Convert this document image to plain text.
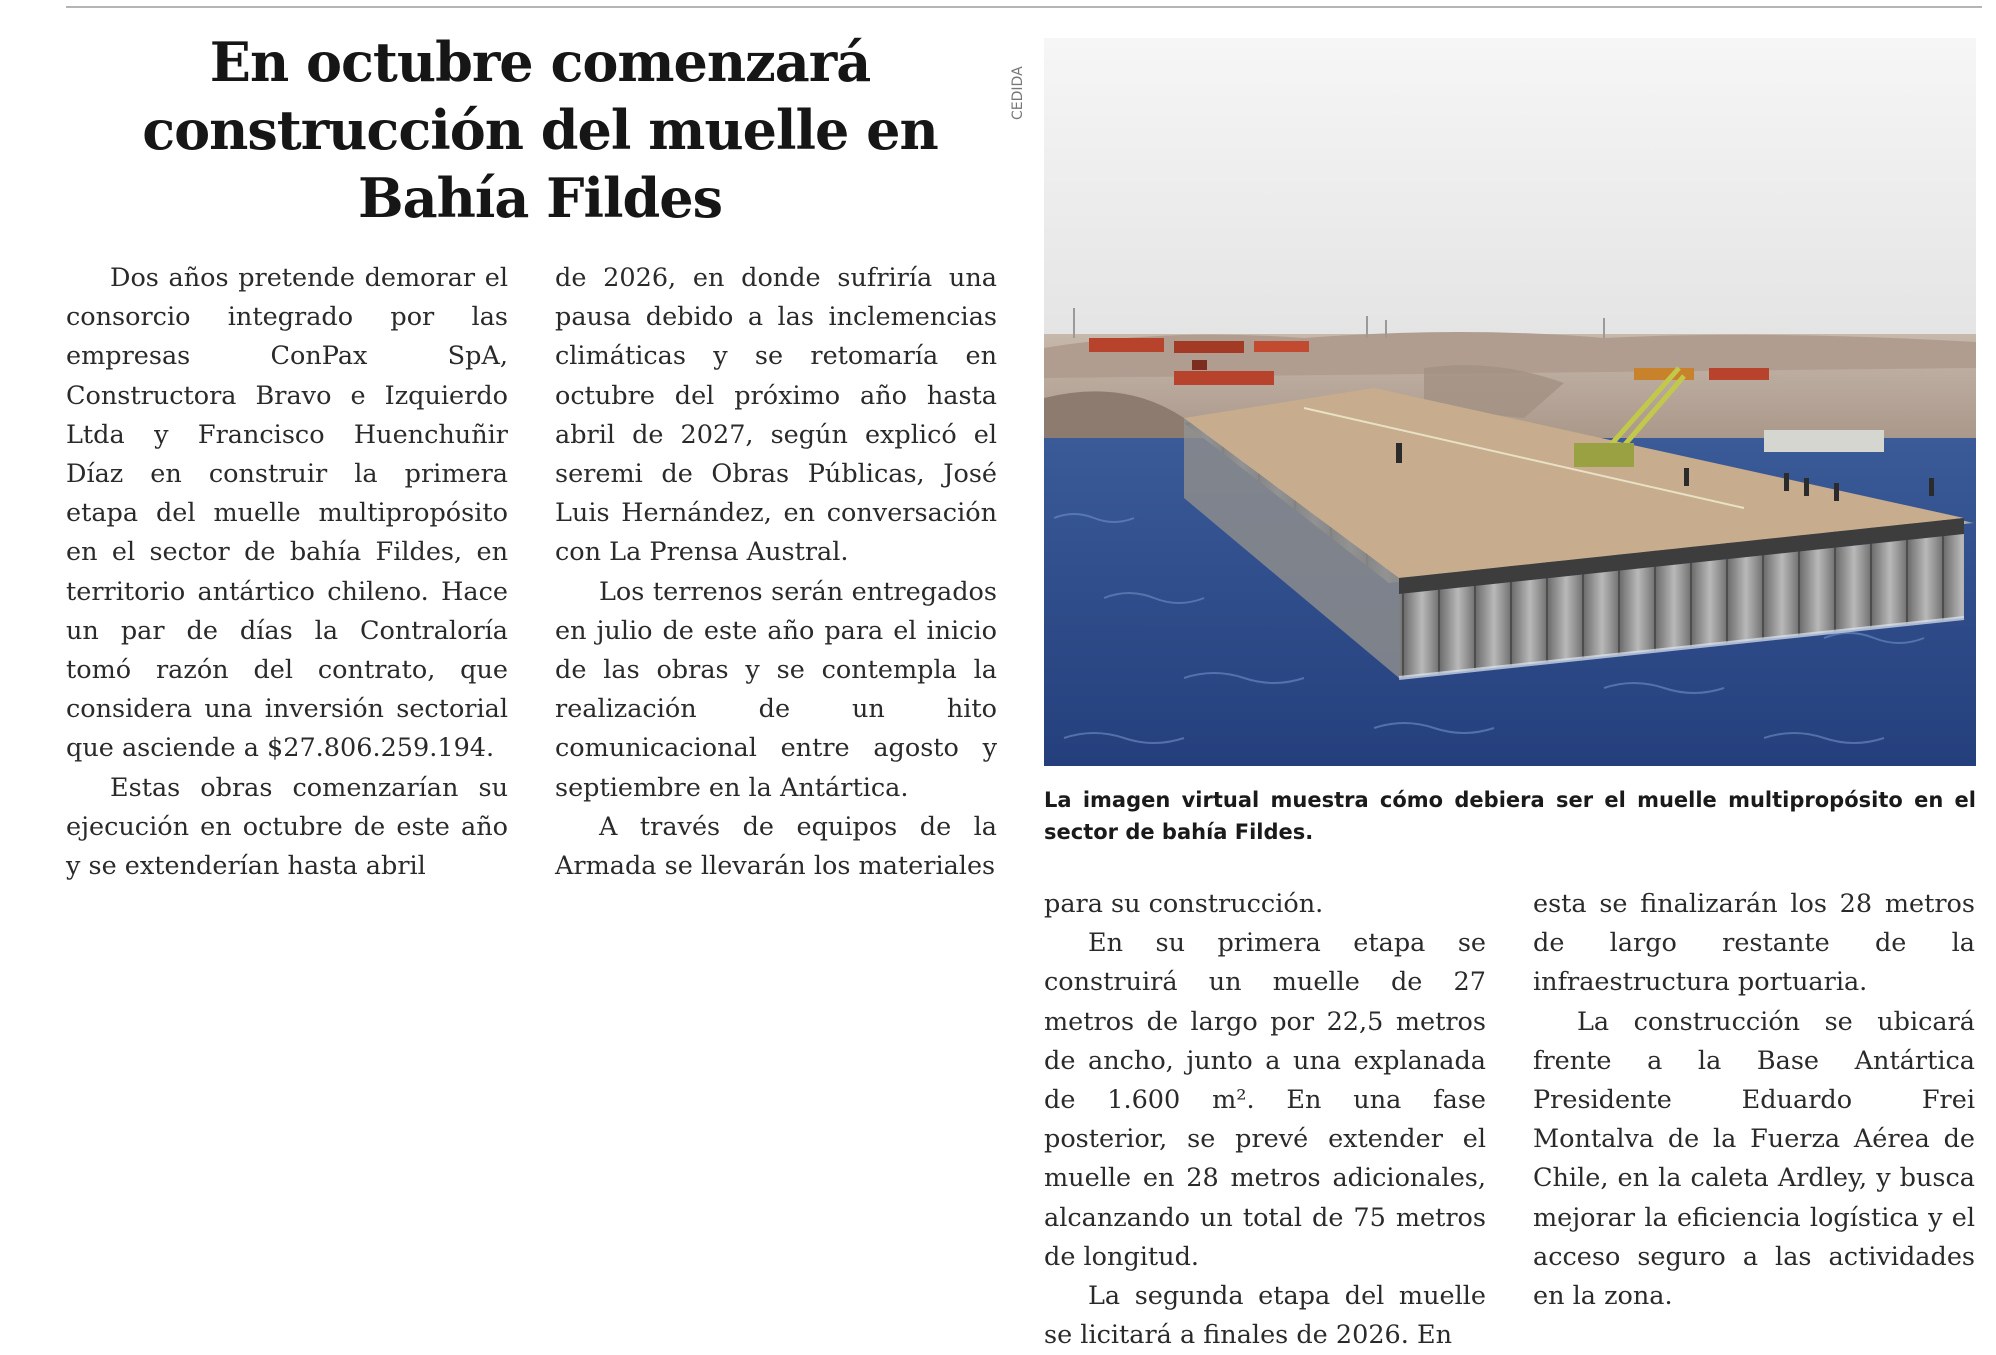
En octubre comenzará construcción del muelle en Bahía Fildes

Dos años pretende demorar el consorcio integrado por las empresas ConPax SpA, Constructora Bravo e Izquierdo Ltda y Francisco Huenchuñir Díaz en construir la primera etapa del muelle multipropósito en el sector de bahía Fildes, en territorio antártico chileno. Hace un par de días la Contraloría tomó razón del contrato, que considera una inversión sectorial que asciende a $27.806.259.194.

Estas obras comenzarían su ejecución en octubre de este año y se extenderían hasta abril

de 2026, en donde sufriría una pausa debido a las inclemencias climáticas y se retomaría en octubre del próximo año hasta abril de 2027, según explicó el seremi de Obras Públicas, José Luis Hernández, en conversación con La Prensa Austral.

Los terrenos serán entregados en julio de este año para el inicio de las obras y se contempla la realización de un hito comunicacional entre agosto y septiembre en la Antártica.

A través de equipos de la Armada se llevarán los materiales

CEDIDA
La imagen virtual muestra cómo debiera ser el muelle multipropósito en el sector de bahía Fildes.

para su construcción.

En su primera etapa se construirá un muelle de 27 metros de largo por 22,5 metros de ancho, junto a una explanada de 1.600 m². En una fase posterior, se prevé extender el muelle en 28 metros adicionales, alcanzando un total de 75 metros de longitud.

La segunda etapa del muelle se licitará a finales de 2026. En

esta se finalizarán los 28 metros de largo restante de la infraestructura portuaria.

La construcción se ubicará frente a la Base Antártica Presidente Eduardo Frei Montalva de la Fuerza Aérea de Chile, en la caleta Ardley, y busca mejorar la eficiencia logística y el acceso seguro a las actividades en la zona.
